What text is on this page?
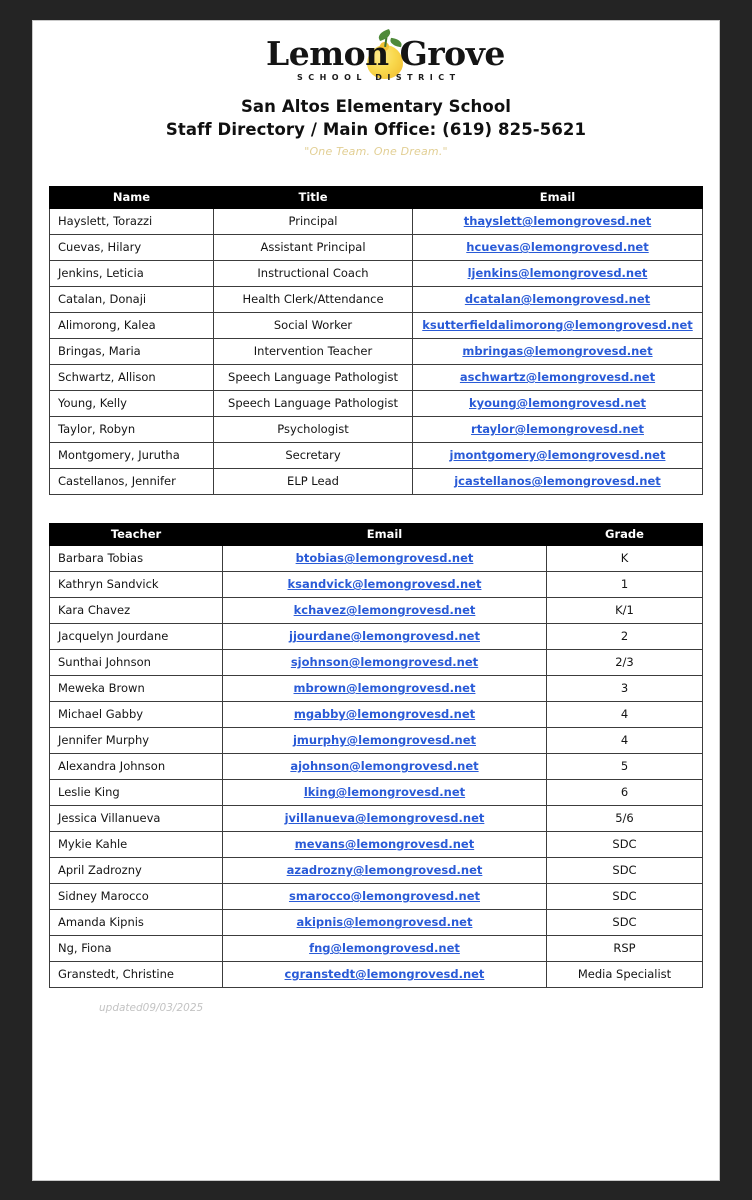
Lemon Grove
SCHOOL DISTRICT
San Altos Elementary School
Staff Directory / Main Office: (619) 825-5621
"One Team. One Dream."
Name	Title	Email
Hayslett, Torazzi	Principal	thayslett@lemongrovesd.net
Cuevas, Hilary	Assistant Principal	hcuevas@lemongrovesd.net
Jenkins, Leticia	Instructional Coach	ljenkins@lemongrovesd.net
Catalan, Donaji	Health Clerk/Attendance	dcatalan@lemongrovesd.net
Alimorong, Kalea	Social Worker	ksutterfieldalimorong@lemongrovesd.net
Bringas, Maria	Intervention Teacher	mbringas@lemongrovesd.net
Schwartz, Allison	Speech Language Pathologist	aschwartz@lemongrovesd.net
Young, Kelly	Speech Language Pathologist	kyoung@lemongrovesd.net
Taylor, Robyn	Psychologist	rtaylor@lemongrovesd.net
Montgomery, Jurutha	Secretary	jmontgomery@lemongrovesd.net
Castellanos, Jennifer	ELP Lead	jcastellanos@lemongrovesd.net
Teacher	Email	Grade
Barbara Tobias	btobias@lemongrovesd.net	K
Kathryn Sandvick	ksandvick@lemongrovesd.net	1
Kara Chavez	kchavez@lemongrovesd.net	K/1
Jacquelyn Jourdane	jjourdane@lemongrovesd.net	2
Sunthai Johnson	sjohnson@lemongrovesd.net	2/3
Meweka Brown	mbrown@lemongrovesd.net	3
Michael Gabby	mgabby@lemongrovesd.net	4
Jennifer Murphy	jmurphy@lemongrovesd.net	4
Alexandra Johnson	ajohnson@lemongrovesd.net	5
Leslie King	lking@lemongrovesd.net	6
Jessica Villanueva	jvillanueva@lemongrovesd.net	5/6
Mykie Kahle	mevans@lemongrovesd.net	SDC
April Zadrozny	azadrozny@lemongrovesd.net	SDC
Sidney Marocco	smarocco@lemongrovesd.net	SDC
Amanda Kipnis	akipnis@lemongrovesd.net	SDC
Ng, Fiona	fng@lemongrovesd.net	RSP
Granstedt, Christine	cgranstedt@lemongrovesd.net	Media Specialist
updated09/03/2025
